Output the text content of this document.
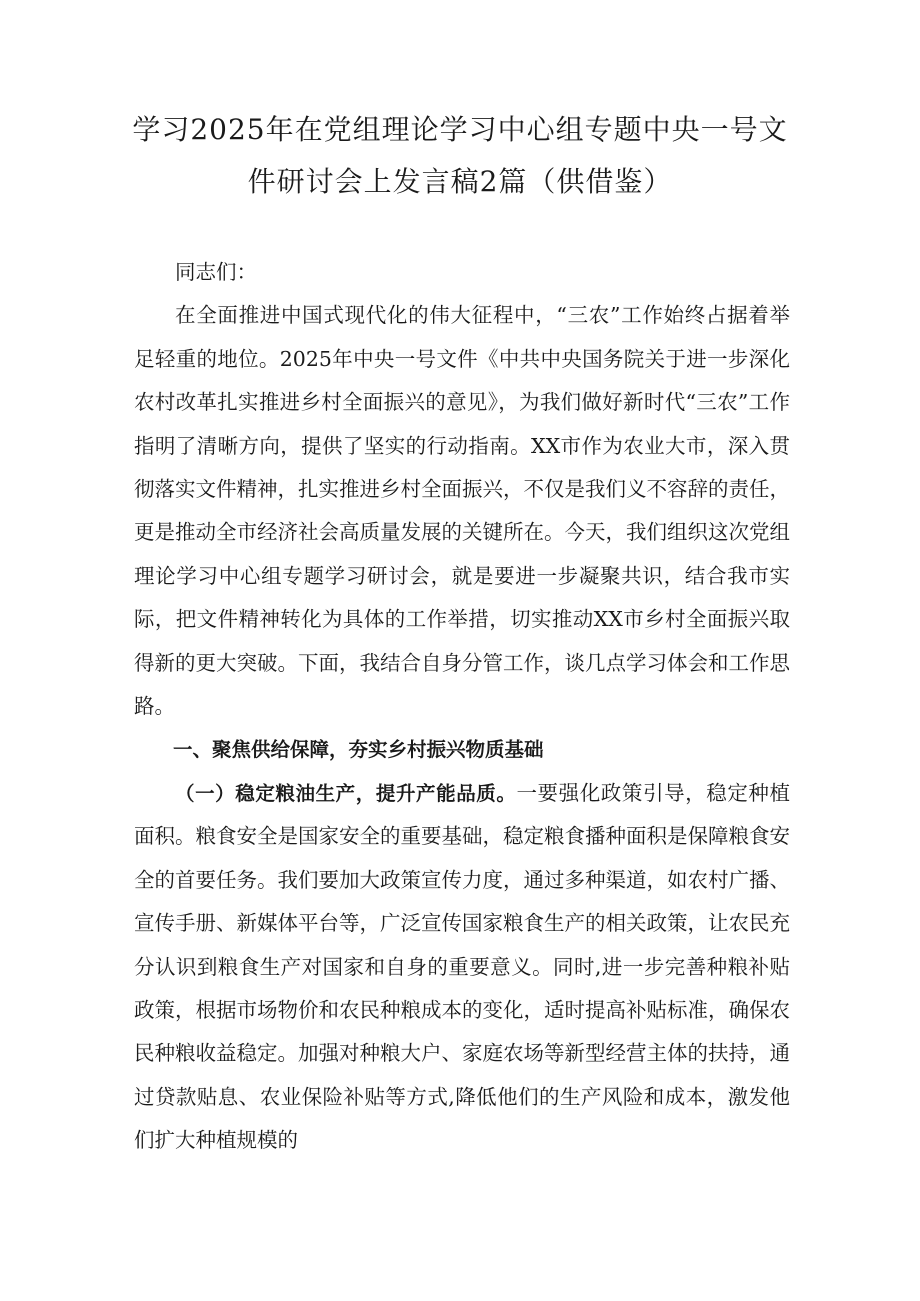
学习2025年在党组理论学习中心组专题中央一号文
件研讨会上发言稿2篇（供借鉴）

同志们：

在全面推进中国式现代化的伟大征程中，“三农”工作始终占据着举足轻重的地位。2025年中央一号文件《中共中央国务院关于进一步深化农村改革扎实推进乡村全面振兴的意见》，为我们做好新时代“三农”工作指明了清晰方向，提供了坚实的行动指南。XX市作为农业大市，深入贯彻落实文件精神，扎实推进乡村全面振兴，不仅是我们义不容辞的责任，更是推动全市经济社会高质量发展的关键所在。今天，我们组织这次党组理论学习中心组专题学习研讨会，就是要进一步凝聚共识，结合我市实际，把文件精神转化为具体的工作举措，切实推动XX市乡村全面振兴取得新的更大突破。下面，我结合自身分管工作，谈几点学习体会和工作思路。

一、聚焦供给保障，夯实乡村振兴物质基础

（一）稳定粮油生产，提升产能品质。一要强化政策引导，稳定种植面积。粮食安全是国家安全的重要基础，稳定粮食播种面积是保障粮食安全的首要任务。我们要加大政策宣传力度，通过多种渠道，如农村广播、宣传手册、新媒体平台等，广泛宣传国家粮食生产的相关政策，让农民充分认识到粮食生产对国家和自身的重要意义。同时,进一步完善种粮补贴政策，根据市场物价和农民种粮成本的变化，适时提高补贴标准，确保农民种粮收益稳定。加强对种粮大户、家庭农场等新型经营主体的扶持，通过贷款贴息、农业保险补贴等方式,降低他们的生产风险和成本，激发他们扩大种植规模的
